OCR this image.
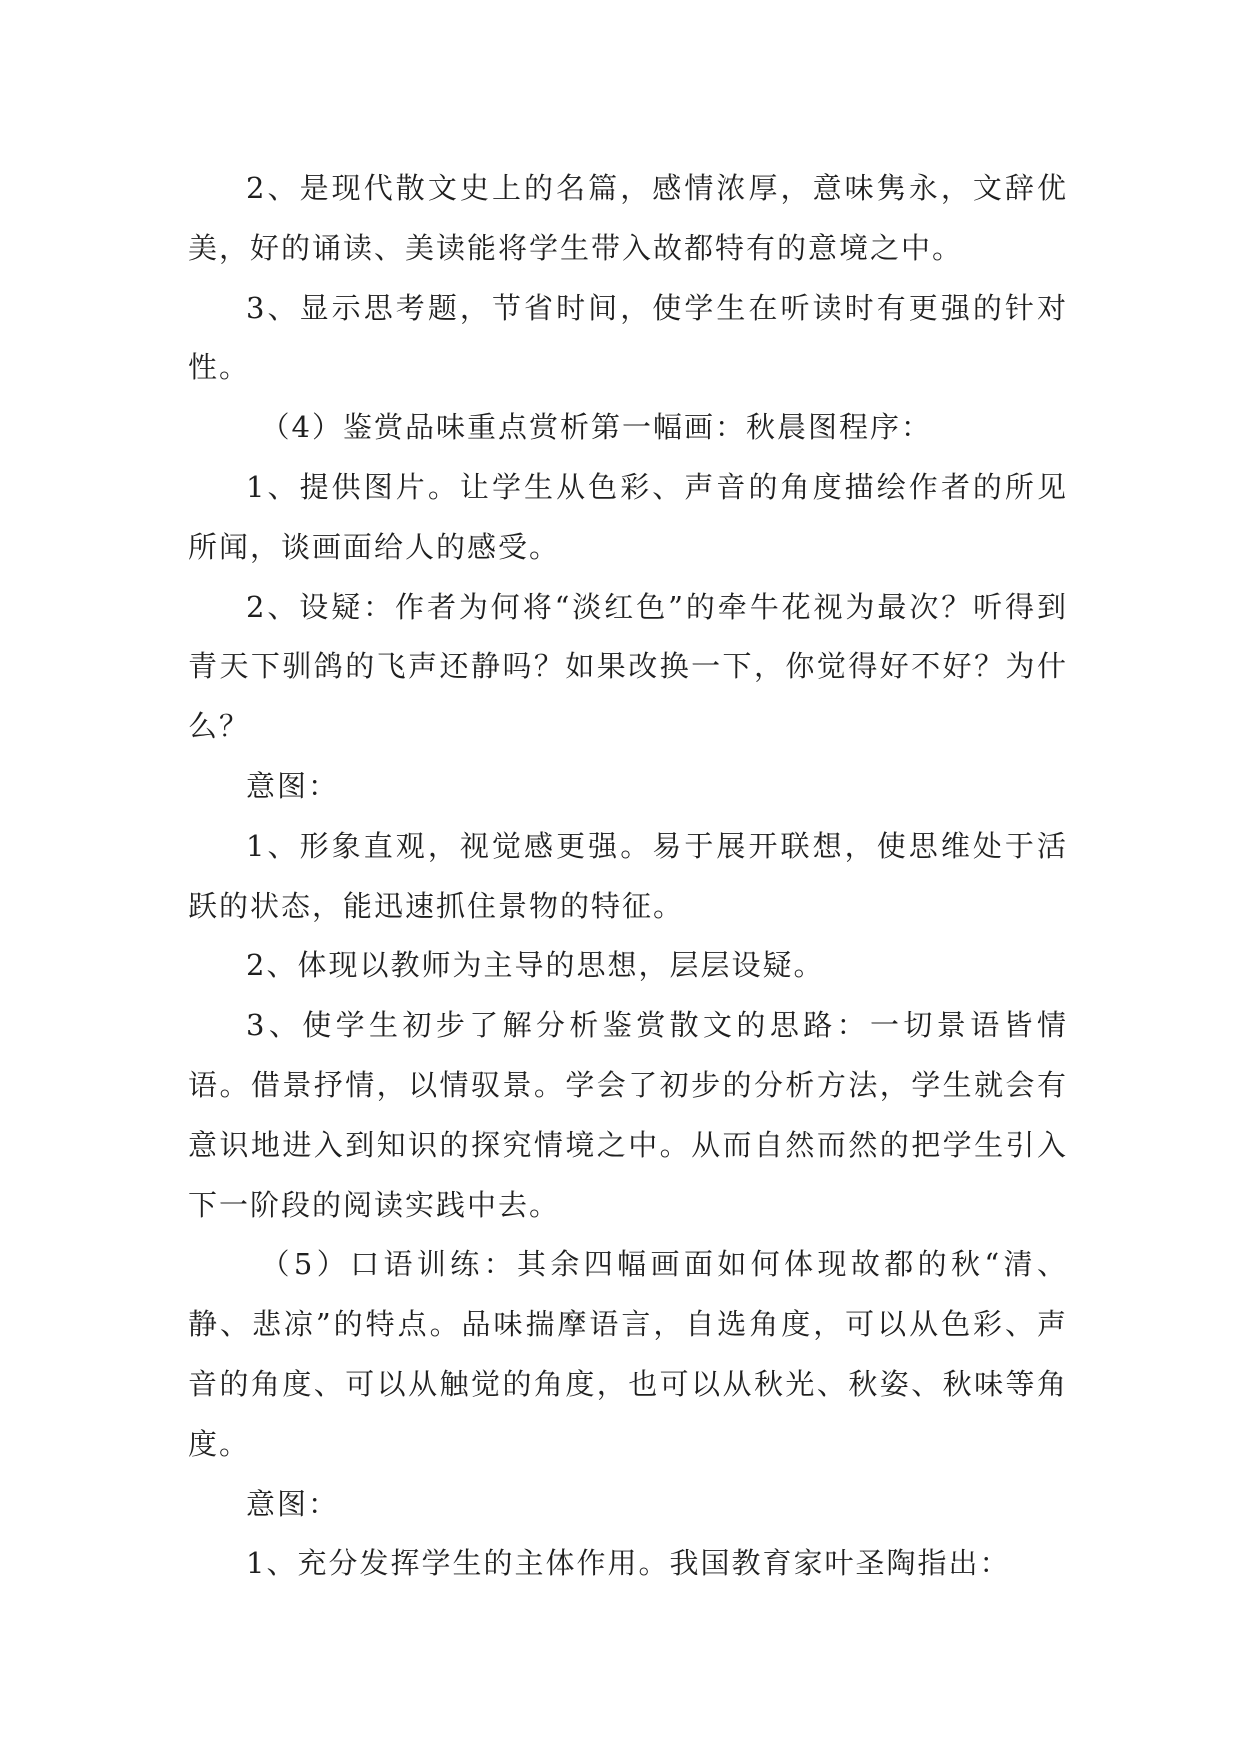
2、是现代散文史上的名篇，感情浓厚，意味隽永，文辞优美，好的诵读、美读能将学生带入故都特有的意境之中。

3、显示思考题，节省时间，使学生在听读时有更强的针对性。

（4）鉴赏品味重点赏析第一幅画：秋晨图程序：

1、提供图片。让学生从色彩、声音的角度描绘作者的所见所闻，谈画面给人的感受。

2、设疑：作者为何将“淡红色”的牵牛花视为最次？听得到青天下驯鸽的飞声还静吗？如果改换一下，你觉得好不好？为什么？

意图：

1、形象直观，视觉感更强。易于展开联想，使思维处于活跃的状态，能迅速抓住景物的特征。

2、体现以教师为主导的思想，层层设疑。

3、使学生初步了解分析鉴赏散文的思路：一切景语皆情语。借景抒情，以情驭景。学会了初步的分析方法，学生就会有意识地进入到知识的探究情境之中。从而自然而然的把学生引入下一阶段的阅读实践中去。

（5）口语训练：其余四幅画面如何体现故都的秋“清、静、悲凉”的特点。品味揣摩语言，自选角度，可以从色彩、声音的角度、可以从触觉的角度，也可以从秋光、秋姿、秋味等角度。

意图：

1、充分发挥学生的主体作用。我国教育家叶圣陶指出：
